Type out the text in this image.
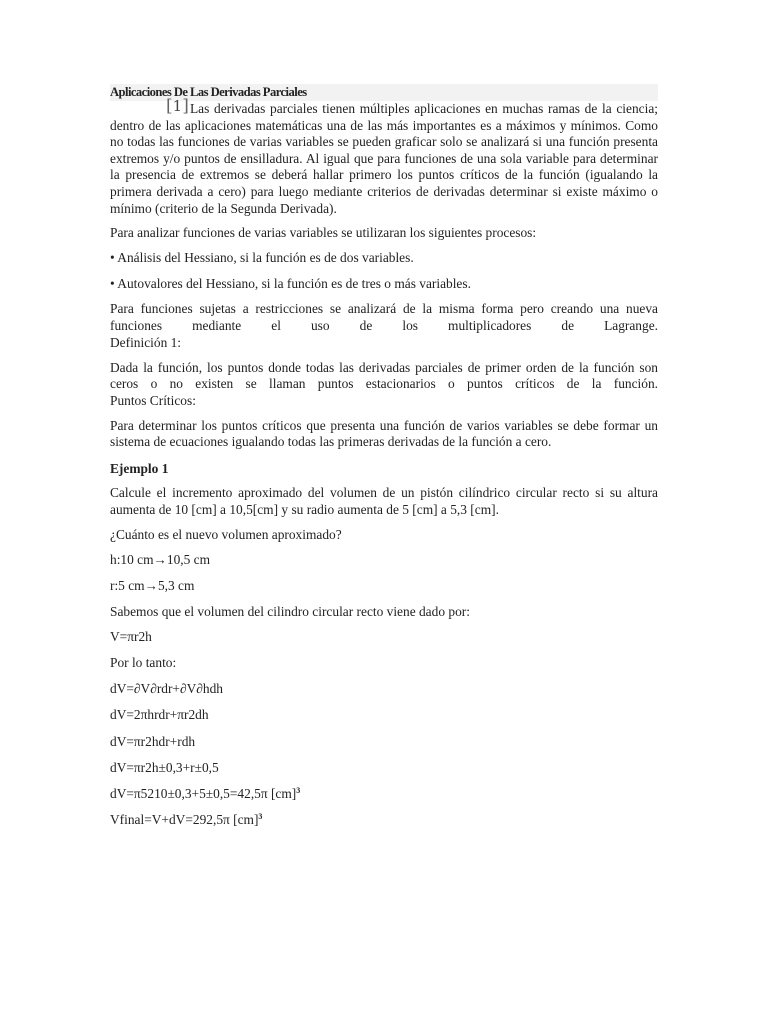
Aplicaciones De Las Derivadas Parciales

[1] Las derivadas parciales tienen múltiples aplicaciones en muchas ramas de la ciencia; dentro de las aplicaciones matemáticas una de las más importantes es a máximos y mínimos. Como no todas las funciones de varias variables se pueden graficar solo se analizará si una función presenta extremos y/o puntos de ensilladura. Al igual que para funciones de una sola variable para determinar la presencia de extremos se deberá hallar primero los puntos críticos de la función (igualando la primera derivada a cero) para luego mediante criterios de derivadas determinar si existe máximo o mínimo (criterio de la Segunda Derivada).

Para analizar funciones de varias variables se utilizaran los siguientes procesos:

• Análisis del Hessiano, si la función es de dos variables.

• Autovalores del Hessiano, si la función es de tres o más variables.

Para funciones sujetas a restricciones se analizará de la misma forma pero creando una nueva funciones mediante el uso de los multiplicadores de Lagrange.
Definición 1:

Dada la función, los puntos donde todas las derivadas parciales de primer orden de la función son ceros o no existen se llaman puntos estacionarios o puntos críticos de la función.
Puntos Críticos:

Para determinar los puntos críticos que presenta una función de varios variables se debe formar un sistema de ecuaciones igualando todas las primeras derivadas de la función a cero.

Ejemplo 1

Calcule el incremento aproximado del volumen de un pistón cilíndrico circular recto si su altura aumenta de 10 [cm] a 10,5[cm] y su radio aumenta de 5 [cm] a 5,3 [cm].

¿Cuánto es el nuevo volumen aproximado?

h:10 cm→10,5 cm

r:5 cm→5,3 cm

Sabemos que el volumen del cilindro circular recto viene dado por:

V=πr2h

Por lo tanto:

dV=∂V∂rdr+∂V∂hdh

dV=2πhrdr+πr2dh

dV=πr2hdr+rdh

dV=πr2h±0,3+r±0,5

dV=π5210±0,3+5±0,5=42,5π [cm]$^3$

Vfinal=V+dV=292,5π [cm]$^3$
